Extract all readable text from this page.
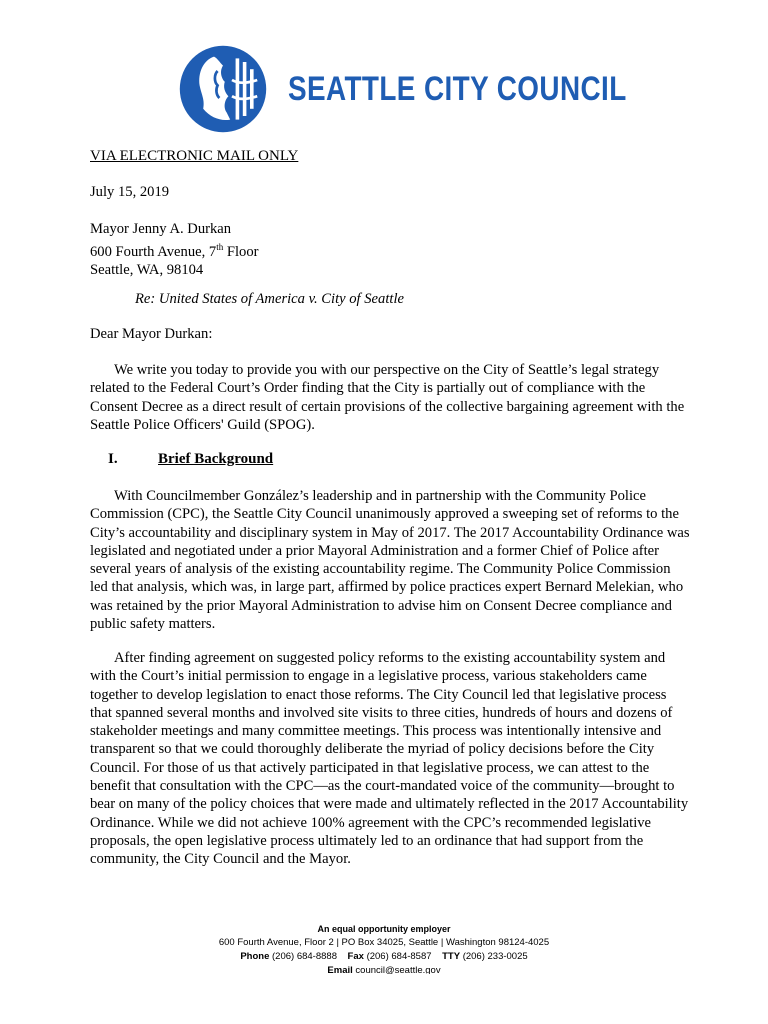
SEATTLE CITY COUNCIL
VIA ELECTRONIC MAIL ONLY
July 15, 2019
Mayor Jenny A. Durkan
600 Fourth Avenue, 7th Floor
Seattle, WA, 98104
Re: United States of America v. City of Seattle
Dear Mayor Durkan:
We write you today to provide you with our perspective on the City of Seattle’s legal strategy related to the Federal Court’s Order finding that the City is partially out of compliance with the Consent Decree as a direct result of certain provisions of the collective bargaining agreement with the Seattle Police Officers' Guild (SPOG).
I.	Brief Background
With Councilmember González’s leadership and in partnership with the Community Police Commission (CPC), the Seattle City Council unanimously approved a sweeping set of reforms to the City’s accountability and disciplinary system in May of 2017. The 2017 Accountability Ordinance was legislated and negotiated under a prior Mayoral Administration and a former Chief of Police after several years of analysis of the existing accountability regime. The Community Police Commission led that analysis, which was, in large part, affirmed by police practices expert Bernard Melekian, who was retained by the prior Mayoral Administration to advise him on Consent Decree compliance and public safety matters.
After finding agreement on suggested policy reforms to the existing accountability system and with the Court’s initial permission to engage in a legislative process, various stakeholders came together to develop legislation to enact those reforms. The City Council led that legislative process that spanned several months and involved site visits to three cities, hundreds of hours and dozens of stakeholder meetings and many committee meetings. This process was intentionally intensive and transparent so that we could thoroughly deliberate the myriad of policy decisions before the City Council. For those of us that actively participated in that legislative process, we can attest to the benefit that consultation with the CPC—as the court-mandated voice of the community—brought to bear on many of the policy choices that were made and ultimately reflected in the 2017 Accountability Ordinance. While we did not achieve 100% agreement with the CPC’s recommended legislative proposals, the open legislative process ultimately led to an ordinance that had support from the community, the City Council and the Mayor.
An equal opportunity employer
600 Fourth Avenue, Floor 2 | PO Box 34025, Seattle | Washington 98124-4025
Phone (206) 684-8888 Fax (206) 684-8587 TTY (206) 233-0025
Email council@seattle.gov
